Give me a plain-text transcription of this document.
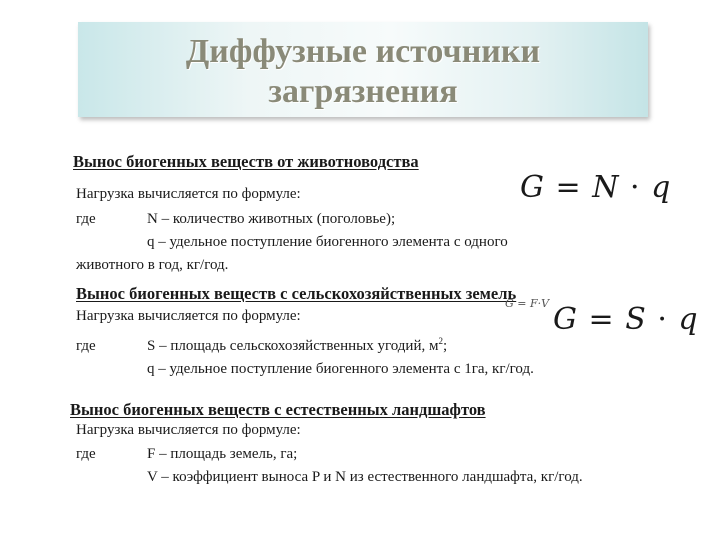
Диффузные источники
загрязнения
Вынос биогенных веществ от животноводства
Нагрузка вычисляется по формуле:	G = N · q
где	N – количество животных (поголовье);
q – удельное поступление биогенного элемента с одного
животного в год, кг/год.
Вынос биогенных веществ с сельскохозяйственных земель
G = F·V
Нагрузка вычисляется по формуле:	G = S · q
где	S – площадь сельскохозяйственных угодий, $м^2$;
q – удельное поступление биогенного элемента с 1га, кг/год.
Вынос биогенных веществ с естественных ландшафтов
Нагрузка вычисляется по формуле:
где	F – площадь земель, га;
V – коэффициент выноса P и N из естественного ландшафта, кг/год.
